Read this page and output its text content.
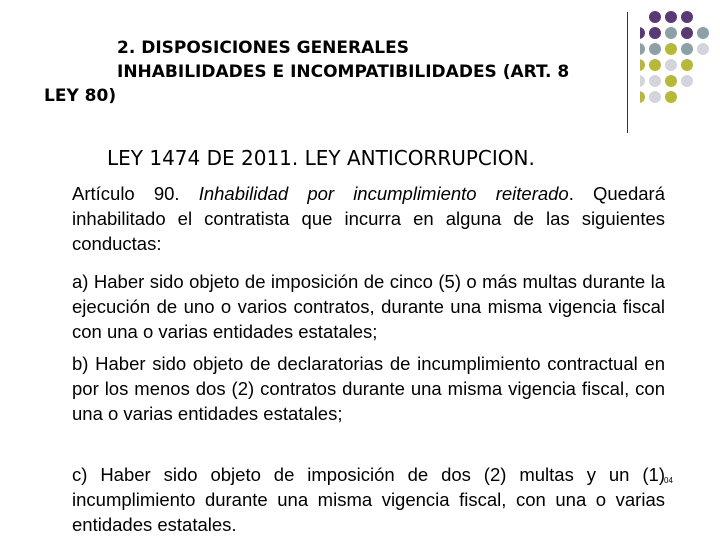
2. DISPOSICIONES GENERALES
INHABILIDADES E INCOMPATIBILIDADES (ART. 8
LEY 80)
LEY 1474 DE 2011. LEY ANTICORRUPCION.
Artículo 90. Inhabilidad por incumplimiento reiterado. Quedará inhabilitado el contratista que incurra en alguna de las siguientes conductas:
a) Haber sido objeto de imposición de cinco (5) o más multas durante la ejecución de uno o varios contratos, durante una misma vigencia fiscal con una o varias entidades estatales;
b) Haber sido objeto de declaratorias de incumplimiento contractual en por los menos dos (2) contratos durante una misma vigencia fiscal, con una o varias entidades estatales;
c) Haber sido objeto de imposición de dos (2) multas y un (1) incumplimiento durante una misma vigencia fiscal, con una o varias entidades estatales.
04
